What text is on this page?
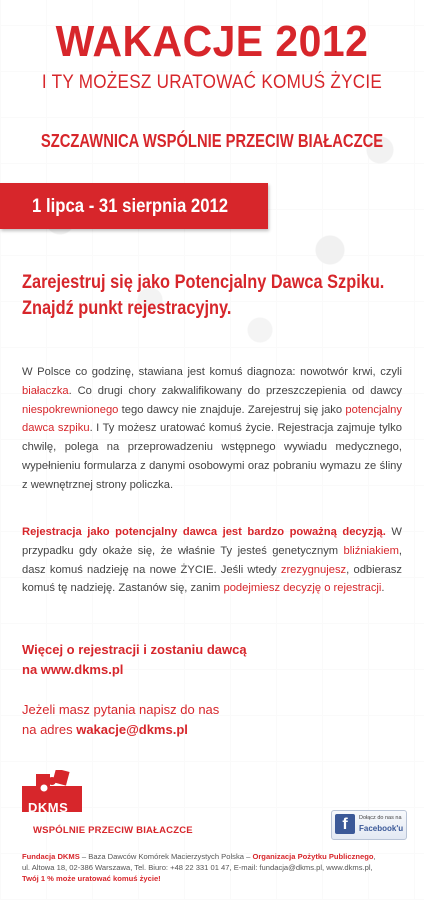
WAKACJE 2012
I TY MOŻESZ URATOWAĆ KOMUŚ ŻYCIE
SZCZAWNICA WSPÓLNIE PRZECIW BIAŁACZCE
1 lipca - 31 sierpnia 2012
Zarejestruj się jako Potencjalny Dawca Szpiku.
Znajdź punkt rejestracyjny.
W Polsce co godzinę, stawiana jest komuś diagnoza: nowotwór krwi, czyli białaczka. Co drugi chory zakwalifikowany do przeszczepienia od dawcy niespokrewnionego tego dawcy nie znajduje. Zarejestruj się jako potencjalny dawca szpiku. I Ty możesz uratować komuś życie. Rejestracja zajmuje tylko chwilę, polega na przeprowadzeniu wstępnego wywiadu medycznego, wypełnieniu formularza z danymi osobowymi oraz pobraniu wymazu ze śliny z wewnętrznej strony policzka.
Rejestracja jako potencjalny dawca jest bardzo poważną decyzją. W przypadku gdy okaże się, że właśnie Ty jesteś genetycznym bliźniakiem, dasz komuś nadzieję na nowe ŻYCIE. Jeśli wtedy zrezygnujesz, odbierasz komuś tę nadzieję. Zastanów się, zanim podejmiesz decyzję o rejestracji.
Więcej o rejestracji i zostaniu dawcą
na www.dkms.pl
Jeżeli masz pytania napisz do nas
na adres wakacje@dkms.pl
DKMS
WSPÓLNIE PRZECIW BIAŁACZCE	f	Dołącz do nas na
Facebook'u
Fundacja DKMS – Baza Dawców Komórek Macierzystych Polska – Organizacja Pożytku Publicznego,
ul. Altowa 18, 02-386 Warszawa, Tel. Biuro: +48 22 331 01 47, E-mail: fundacja@dkms.pl, www.dkms.pl,
Twój 1 % może uratować komuś życie!
